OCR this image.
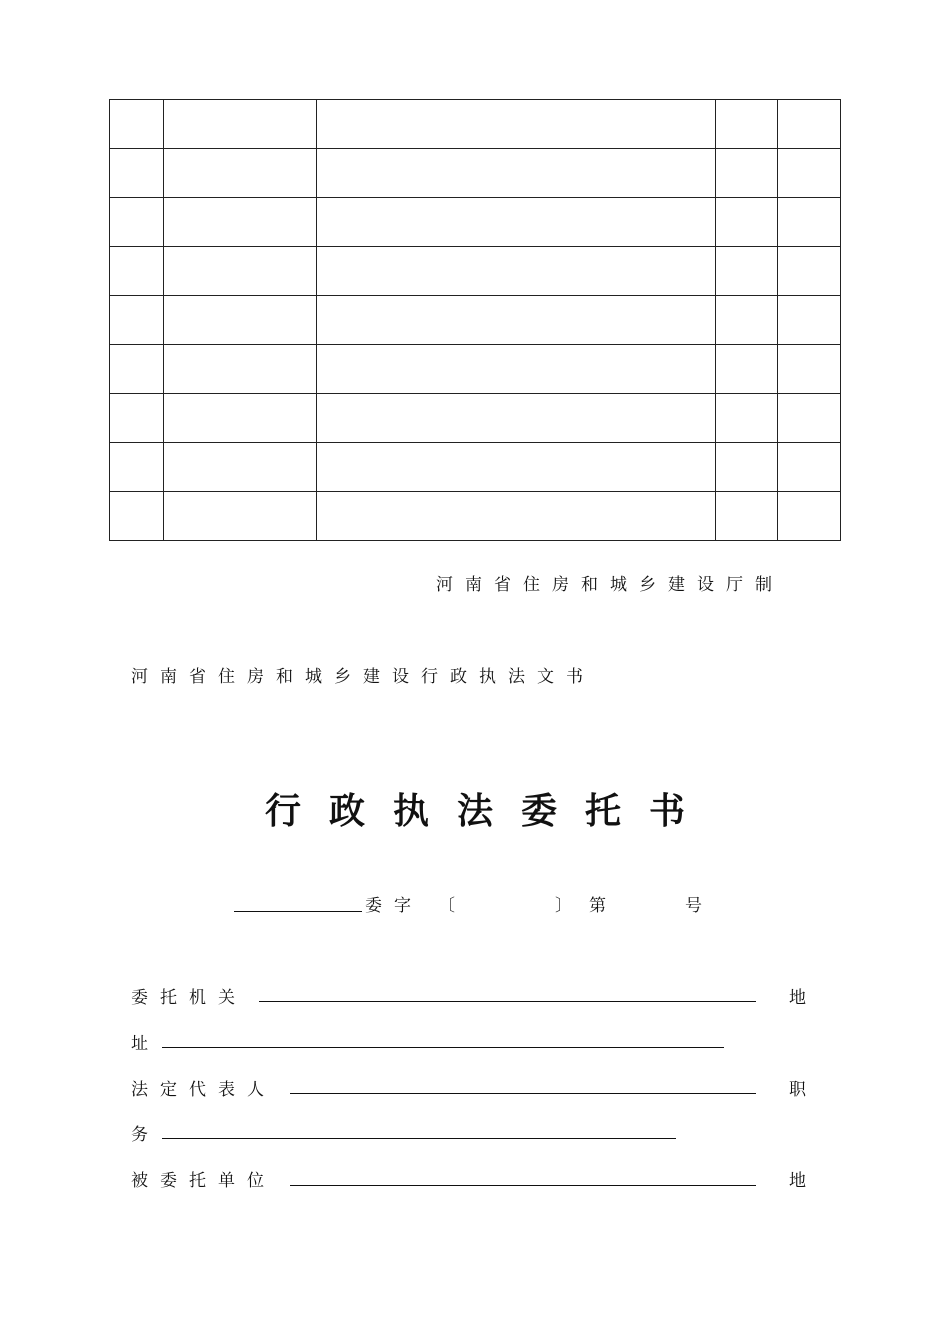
河南省住房和城乡建设厅制
河南省住房和城乡建设行政执法文书
行政执法委托书
委字 〔	〕 第	号
委托机关	地
址
法定代表人	职
务
被委托单位	地
